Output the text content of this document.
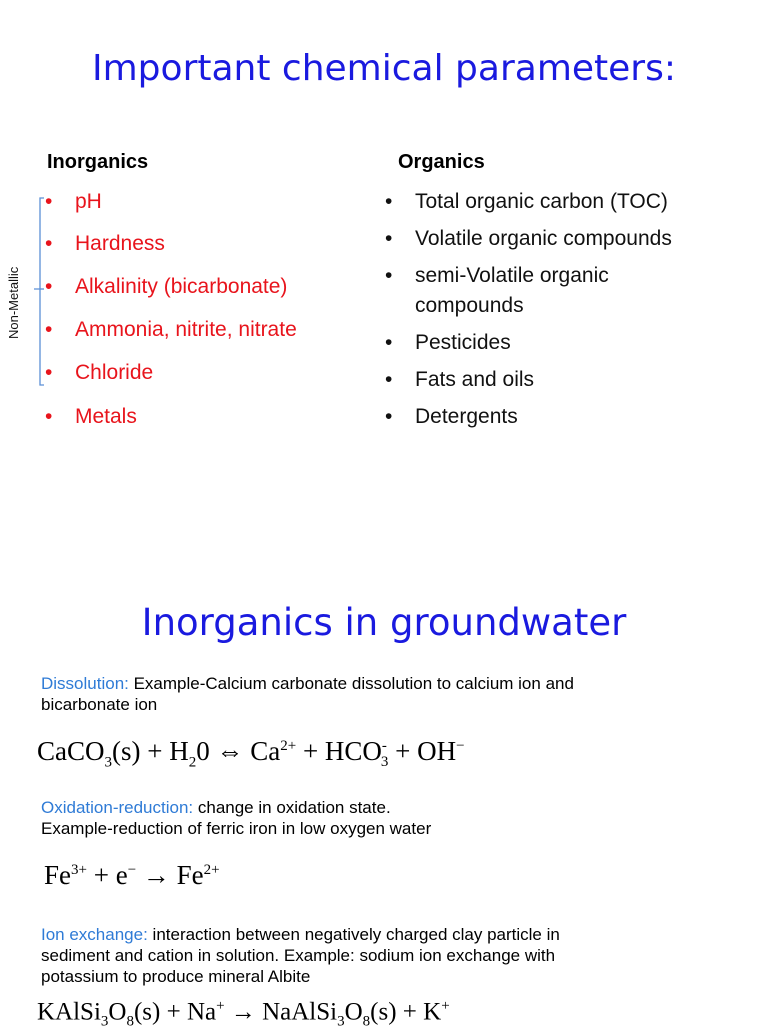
Important chemical parameters:
Inorganics	Organics
Non-Metallic
• pH
• Hardness
• Alkalinity (bicarbonate)
• Ammonia, nitrite, nitrate
• Chloride
• Metals
• Total organic carbon (TOC)
• Volatile organic compounds
• semi-Volatile organic
compounds
• Pesticides
• Fats and oils
• Detergents
Inorganics in groundwater
Dissolution: Example-Calcium carbonate dissolution to calcium ion and
bicarbonate ion
CaCO$_3$(s) + $H_20$ ⇔ $Ca^{2+} + HCO^-_3 + OH^-$
Oxidation-reduction: change in oxidation state.
Example-reduction of ferric iron in low oxygen water
$Fe^{3+} + e^- \to Fe^{2+}$
Ion exchange: interaction between negatively charged clay particle in
sediment and cation in solution. Example: sodium ion exchange with
potassium to produce mineral Albite
$KAlSi_3O_8(s) + Na^+$ → $NaAlSi_3O_8(s) + K^+$
